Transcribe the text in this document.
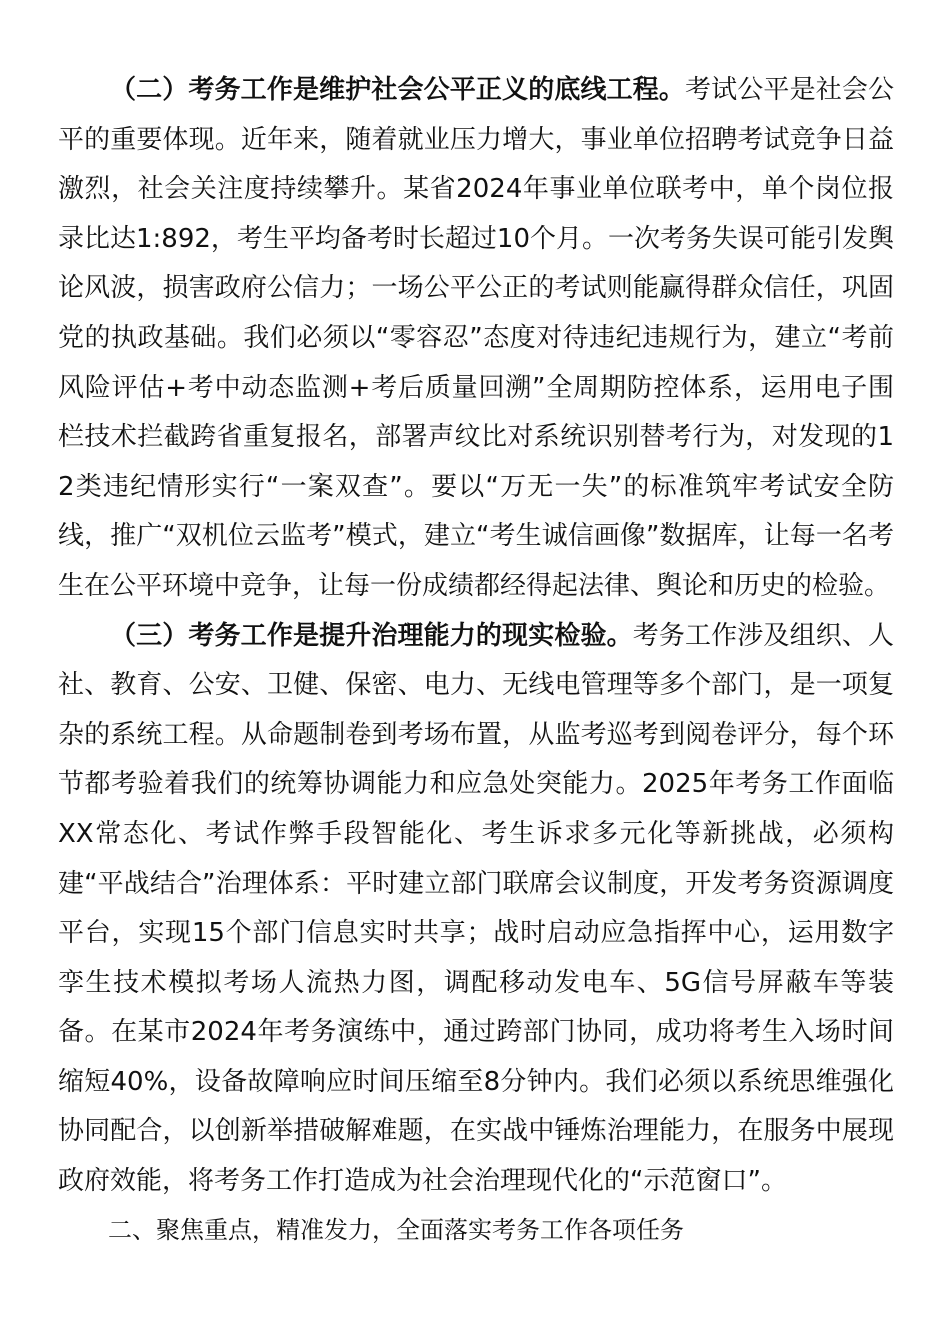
（二）考务工作是维护社会公平正义的底线工程。考试公平是社会公平的重要体现。近年来，随着就业压力增大，事业单位招聘考试竞争日益激烈，社会关注度持续攀升。某省2024年事业单位联考中，单个岗位报录比达1:892，考生平均备考时长超过10个月。一次考务失误可能引发舆论风波，损害政府公信力；一场公平公正的考试则能赢得群众信任，巩固党的执政基础。我们必须以“零容忍”态度对待违纪违规行为，建立“考前风险评估+考中动态监测+考后质量回溯”全周期防控体系，运用电子围栏技术拦截跨省重复报名，部署声纹比对系统识别替考行为，对发现的12类违纪情形实行“一案双查”。要以“万无一失”的标准筑牢考试安全防线，推广“双机位云监考”模式，建立“考生诚信画像”数据库，让每一名考生在公平环境中竞争，让每一份成绩都经得起法律、舆论和历史的检验。

（三）考务工作是提升治理能力的现实检验。考务工作涉及组织、人社、教育、公安、卫健、保密、电力、无线电管理等多个部门，是一项复杂的系统工程。从命题制卷到考场布置，从监考巡考到阅卷评分，每个环节都考验着我们的统筹协调能力和应急处突能力。2025年考务工作面临XX常态化、考试作弊手段智能化、考生诉求多元化等新挑战，必须构建“平战结合”治理体系：平时建立部门联席会议制度，开发考务资源调度平台，实现15个部门信息实时共享；战时启动应急指挥中心，运用数字孪生技术模拟考场人流热力图，调配移动发电车、5G信号屏蔽车等装备。在某市2024年考务演练中，通过跨部门协同，成功将考生入场时间缩短40%，设备故障响应时间压缩至8分钟内。我们必须以系统思维强化协同配合，以创新举措破解难题，在实战中锤炼治理能力，在服务中展现政府效能，将考务工作打造成为社会治理现代化的“示范窗口”。

二、聚焦重点，精准发力，全面落实考务工作各项任务
